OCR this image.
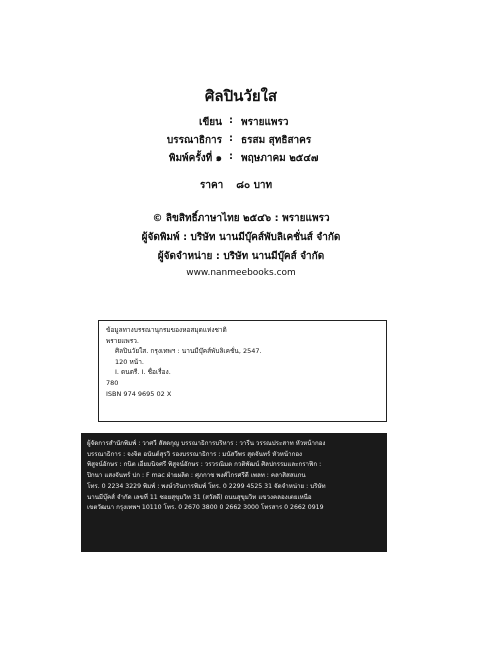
ศิลปินวัยใส
เขียน : พรายแพรว
บรรณาธิการ : ธรสม สุทธิสาคร
พิมพ์ครั้งที่ ๑ : พฤษภาคม ๒๕๔๗
ราคา ๘๐ บาท
© ลิขสิทธิ์ภาษาไทย ๒๕๔๖ : พรายแพรว
ผู้จัดพิมพ์ : บริษัท นานมีบุ๊คส์พับลิเคชั่นส์ จำกัด
ผู้จัดจำหน่าย : บริษัท นานมีบุ๊คส์ จำกัด
www.nanmeebooks.com
ข้อมูลทางบรรณานุกรมของหอสมุดแห่งชาติ
พรายแพรว.
ศิลปินวัยใส. กรุงเทพฯ : นานมีบุ๊คส์พับลิเคชั่น, 2547.
120 หน้า.
I. ดนตรี. I. ชื่อเรื่อง.
780
ISBN 974 9695 02 X
ผู้จัดการสำนักพิมพ์ : วาศวี สัสดกุญ บรรณาธิการบริหาร : วารีน วรรณประสาท หัวหน้ากอง
บรรณาธิการ : จงจิต อนันต์สุรวิ รองบรรณาธิการ : มนัสวีพร สุดจันทร์ หัวหน้ากอง
พิสูจน์อักษร : กนิต เอี่ยมนิจศรี พิสูจน์อักษร : วรวรณิมด กวติพัฒน์ ศิลปกรรมและกราฟิก :
ปิกนา แสงจันทร์ ปก : F mac ฝ่ายผลิต : ศุภกาช พงศ์ไกรศรีดี เพลท : คลาสิสสแกน
โทร. 0 2234 3229 พิมพ์ : พงษ์วรินการพิมพ์ โทร. 0 2299 4525 31 จัดจำหน่าย : บริษัท
นานมีบุ๊คส์ จำกัด เลขที่ 11 ซอยสุขุมวิท 31 (สวัสดี) ถนนสุขุมวิท แขวงคลองเตยเหนือ
เขตวัฒนา กรุงเทพฯ 10110 โทร. 0 2670 3800 0 2662 3000 โทรสาร 0 2662 0919
